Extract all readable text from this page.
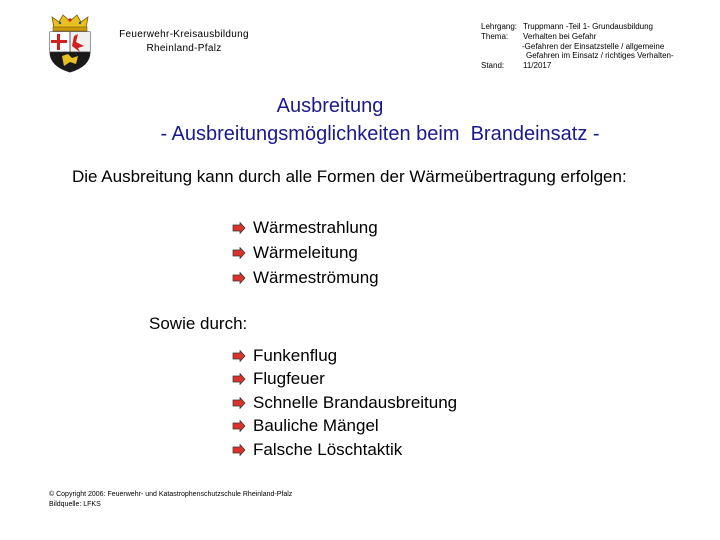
Feuerwehr-Kreisausbildung
Rheinland-Pfalz
Lehrgang: Truppmann -Teil 1- Grundausbildung
Thema: Verhalten bei Gefahr
-Gefahren der Einsatzstelle / allgemeine
Gefahren im Einsatz / richtiges Verhalten-
Stand: 11/2017
Ausbreitung
- Ausbreitungsmöglichkeiten beim  Brandeinsatz -
Die Ausbreitung kann durch alle Formen der Wärmeübertragung erfolgen:
Wärmestrahlung
Wärmeleitung
Wärmeströmung
Sowie durch:
Funkenflug
Flugfeuer
Schnelle Brandausbreitung
Bauliche Mängel
Falsche Löschtaktik
© Copyright 2006: Feuerwehr- und Katastrophenschutzschule Rheinland-Pfalz
Bildquelle: LFKS
